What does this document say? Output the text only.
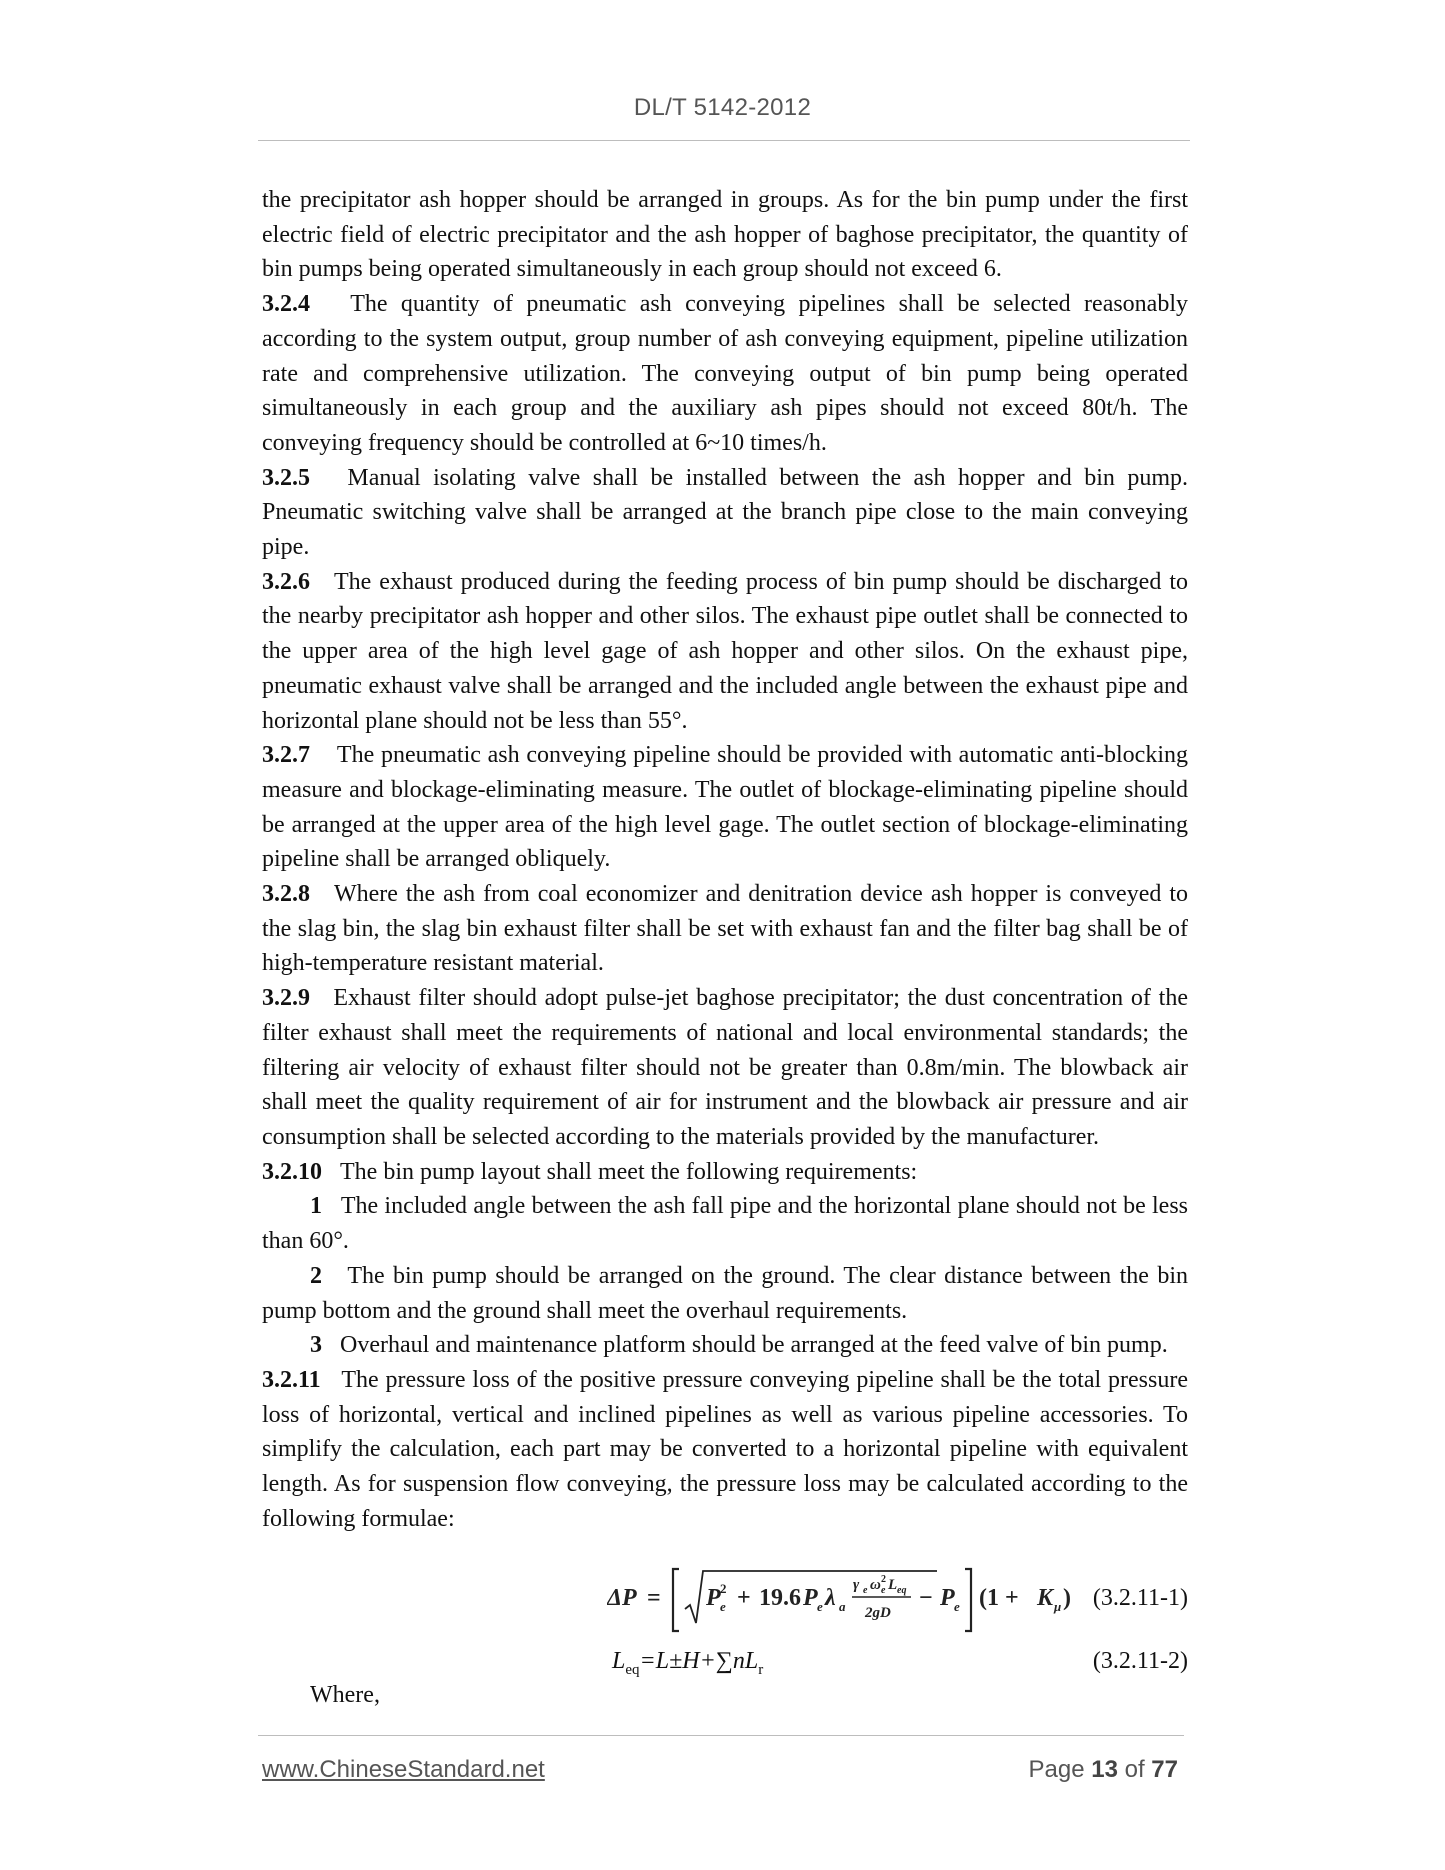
DL/T 5142-2012

the precipitator ash hopper should be arranged in groups. As for the bin pump under the first electric field of electric precipitator and the ash hopper of baghose precipitator, the quantity of bin pumps being operated simultaneously in each group should not exceed 6.

3.2.4 The quantity of pneumatic ash conveying pipelines shall be selected reasonably according to the system output, group number of ash conveying equipment, pipeline utilization rate and comprehensive utilization. The conveying output of bin pump being operated simultaneously in each group and the auxiliary ash pipes should not exceed 80t/h. The conveying frequency should be controlled at 6~10 times/h.

3.2.5 Manual isolating valve shall be installed between the ash hopper and bin pump. Pneumatic switching valve shall be arranged at the branch pipe close to the main conveying pipe.

3.2.6 The exhaust produced during the feeding process of bin pump should be discharged to the nearby precipitator ash hopper and other silos. The exhaust pipe outlet shall be connected to the upper area of the high level gage of ash hopper and other silos. On the exhaust pipe, pneumatic exhaust valve shall be arranged and the included angle between the exhaust pipe and horizontal plane should not be less than 55°.

3.2.7 The pneumatic ash conveying pipeline should be provided with automatic anti-blocking measure and blockage-eliminating measure. The outlet of blockage-eliminating pipeline should be arranged at the upper area of the high level gage. The outlet section of blockage-eliminating pipeline shall be arranged obliquely.

3.2.8 Where the ash from coal economizer and denitration device ash hopper is conveyed to the slag bin, the slag bin exhaust filter shall be set with exhaust fan and the filter bag shall be of high-temperature resistant material.

3.2.9 Exhaust filter should adopt pulse-jet baghose precipitator; the dust concentration of the filter exhaust shall meet the requirements of national and local environmental standards; the filtering air velocity of exhaust filter should not be greater than 0.8m/min. The blowback air shall meet the quality requirement of air for instrument and the blowback air pressure and air consumption shall be selected according to the materials provided by the manufacturer.

3.2.10 The bin pump layout shall meet the following requirements:

1 The included angle between the ash fall pipe and the horizontal plane should not be less than 60°.

2 The bin pump should be arranged on the ground. The clear distance between the bin pump bottom and the ground shall meet the overhaul requirements.

3 Overhaul and maintenance platform should be arranged at the feed valve of bin pump.

3.2.11 The pressure loss of the positive pressure conveying pipeline shall be the total pressure loss of horizontal, vertical and inclined pipelines as well as various pipeline accessories. To simplify the calculation, each part may be converted to a horizontal pipeline with equivalent length. As for suspension flow conveying, the pressure loss may be calculated according to the following formulae:

ΔP = P e
2 + 19.6 P e λ a
γ e ω e
2 L eq
2gD
− P e (1 + K μ ) (3.2.11-1)
$L_{eq}=L\pm H+\sum nL_r$	(3.2.11-2)
Where,
www.ChineseStandard.net	Page 13 of 77
